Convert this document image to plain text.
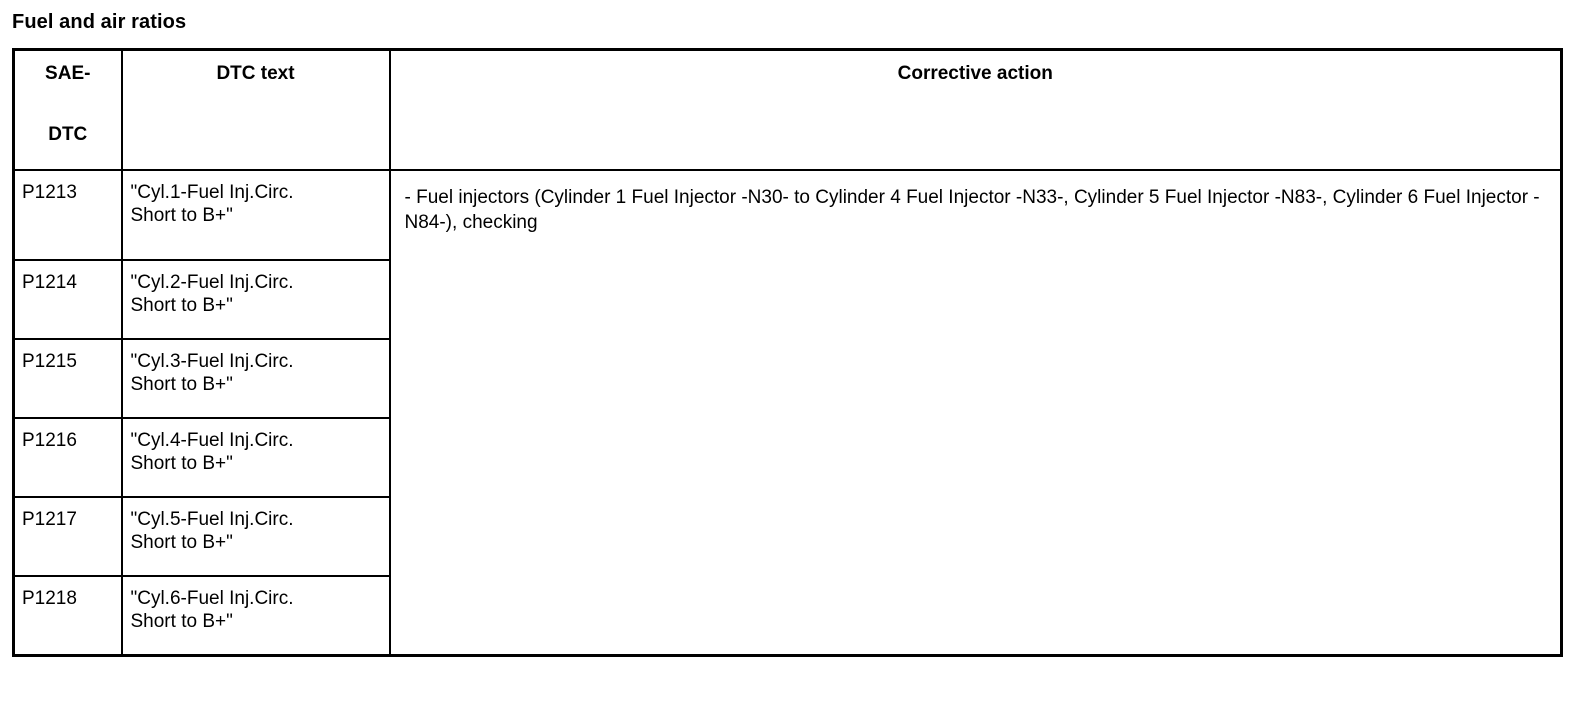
Fuel and air ratios
SAE-
DTC	DTC text	Corrective action

P1213	"Cyl.1-Fuel Inj.Circ.
Short to B+"	- Fuel injectors (Cylinder 1 Fuel Injector -N30- to Cylinder 4 Fuel Injector -N33-, Cylinder 5 Fuel Injector -N83-, Cylinder 6 Fuel Injector -N84-), checking
P1214	"Cyl.2-Fuel Inj.Circ.
Short to B+"	

P1215	"Cyl.3-Fuel Inj.Circ.
Short to B+"	

P1216	"Cyl.4-Fuel Inj.Circ.
Short to B+"	

P1217	"Cyl.5-Fuel Inj.Circ.
Short to B+"	

P1218	"Cyl.6-Fuel Inj.Circ.
Short to B+"	
